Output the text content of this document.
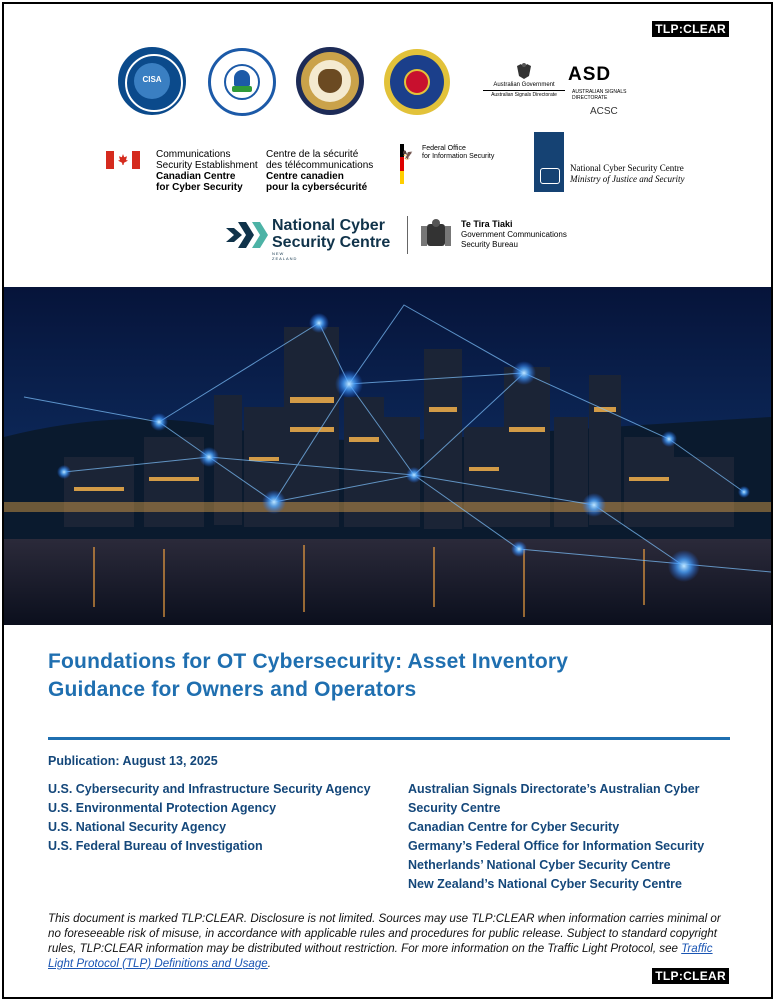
TLP:CLEAR
CISA
Australian Government
Australian Signals Directorate
ASD AUSTRALIAN SIGNALS DIRECTORATE
ACSC
Communications
Security Establishment
Canadian Centre
for Cyber Security
Centre de la sécurité
des télécommunications
Centre canadien
pour la cybersécurité
🦅
Federal Office
for Information Security
National Cyber Security Centre
Ministry of Justice and Security
National Cyber
Security Centre
NEW ZEALAND
Te Tira Tiaki
Government Communications
Security Bureau
Foundations for OT Cybersecurity: Asset Inventory
Guidance for Owners and Operators
Publication: August 13, 2025
U.S. Cybersecurity and Infrastructure Security Agency
U.S. Environmental Protection Agency
U.S. National Security Agency
U.S. Federal Bureau of Investigation
Australian Signals Directorate’s Australian Cyber Security Centre
Canadian Centre for Cyber Security
Germany’s Federal Office for Information Security
Netherlands’ National Cyber Security Centre
New Zealand’s National Cyber Security Centre
This document is marked TLP:CLEAR. Disclosure is not limited. Sources may use TLP:CLEAR when information carries minimal or no foreseeable risk of misuse, in accordance with applicable rules and procedures for public release. Subject to standard copyright rules, TLP:CLEAR information may be distributed without restriction. For more information on the Traffic Light Protocol, see Traffic Light Protocol (TLP) Definitions and Usage.
TLP:CLEAR
